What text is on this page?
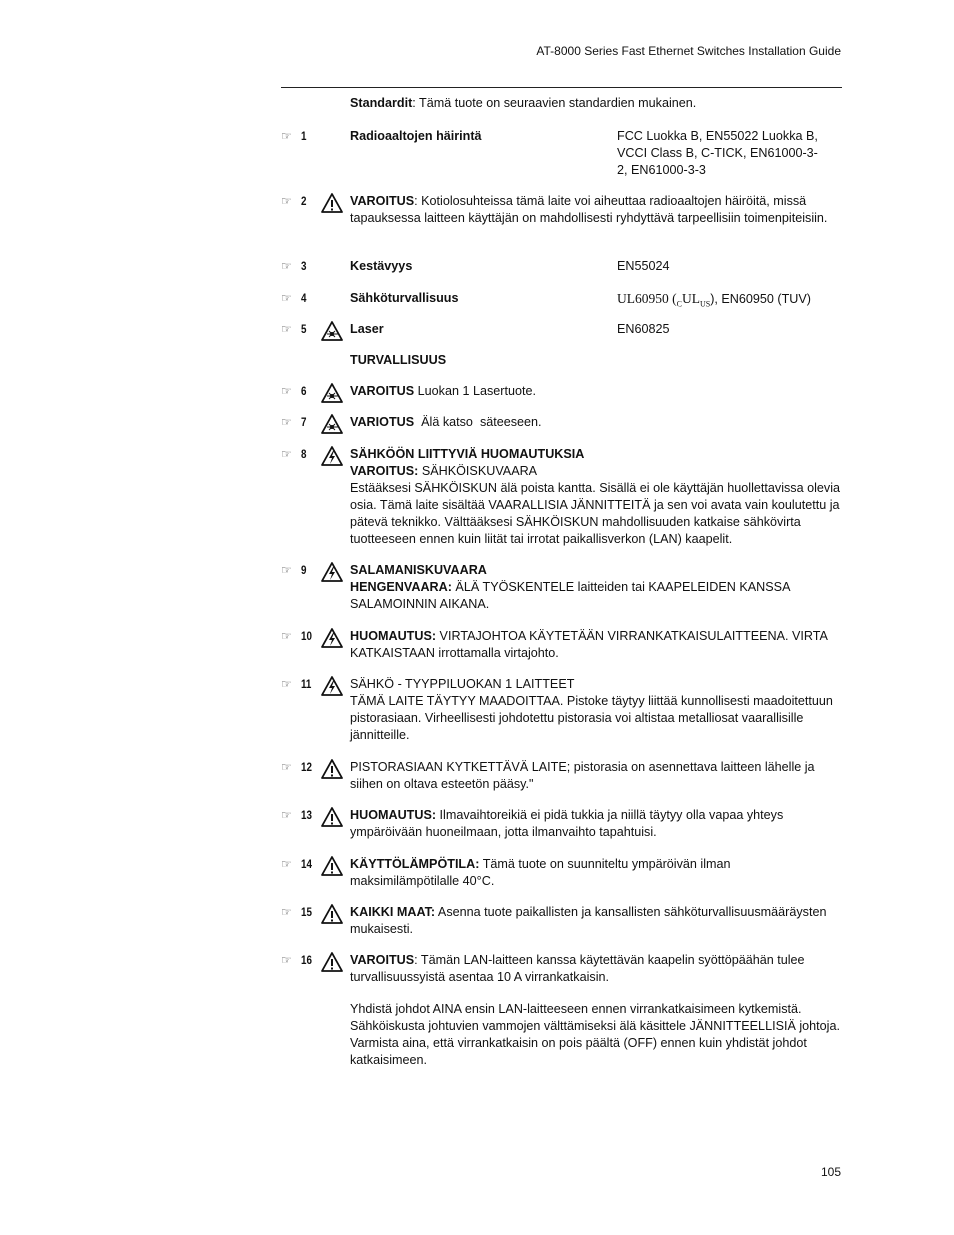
AT-8000 Series Fast Ethernet Switches Installation Guide
Standardit: Tämä tuote on seuraavien standardien mukainen.
☞ 1	Radioaaltojen häirintä	FCC Luokka B, EN55022 Luokka B, VCCI Class B, C-TICK, EN61000-3-2, EN61000-3-3
☞ 2	VAROITUS: Kotiolosuhteissa tämä laite voi aiheuttaa radioaaltojen häiröitä, missä tapauksessa laitteen käyttäjän on mahdollisesti ryhdyttävä tarpeellisiin toimenpiteisiin.
☞ 3	Kestävyys	EN55024
☞ 4	Sähköturvallisuus	UL60950 $(_CUL_{US})$, EN60950 (TUV)
☞ 5	Laser	EN60825
TURVALLISUUS
☞ 6	VAROITUS Luokan 1 Lasertuote.
☞ 7	VARIOTUS  Älä katso  säteeseen.
☞ 8	SÄHKÖÖN LIITTYVIÄ HUOMAUTUKSIA
VAROITUS: SÄHKÖISKUVAARA
Estääksesi SÄHKÖISKUN älä poista kantta. Sisällä ei ole käyttäjän huollettavissa olevia osia. Tämä laite sisältää VAARALLISIA JÄNNITTEITÄ ja sen voi avata vain koulutettu ja pätevä teknikko. Välttääksesi SÄHKÖISKUN mahdollisuuden katkaise sähkövirta tuotteeseen ennen kuin liität tai irrotat paikallisverkon (LAN) kaapelit.
☞ 9	SALAMANISKUVAARA
HENGENVAARA: ÄLÄ TYÖSKENTELE laitteiden tai KAAPELEIDEN KANSSA SALAMOINNIN AIKANA.
☞ 10	HUOMAUTUS: VIRTAJOHTOA KÄYTETÄÄN VIRRANKATKAISULAITTEENA. VIRTA KATKAISTAAN irrottamalla virtajohto.
☞ 11	SÄHKÖ - TYYPPILUOKAN 1 LAITTEET
TÄMÄ LAITE TÄYTYY MAADOITTAA. Pistoke täytyy liittää kunnollisesti maadoitettuun pistorasiaan. Virheellisesti johdotettu pistorasia voi altistaa metalliosat vaarallisille jännitteille.
☞ 12	PISTORASIAAN KYTKETTÄVÄ LAITE; pistorasia on asennettava laitteen lähelle ja siihen on oltava esteetön pääsy."
☞ 13	HUOMAUTUS: Ilmavaihtoreikiä ei pidä tukkia ja niillä täytyy olla vapaa yhteys ympäröivään huoneilmaan, jotta ilmanvaihto tapahtuisi.
☞ 14	KÄYTTÖLÄMPÖTILA: Tämä tuote on suunniteltu ympäröivän ilman maksimilämpötilalle 40°C.
☞ 15	KAIKKI MAAT: Asenna tuote paikallisten ja kansallisten sähköturvallisuusmääräysten mukaisesti.
☞ 16	VAROITUS: Tämän LAN-laitteen kanssa käytettävän kaapelin syöttöpäähän tulee turvallisuussyistä asentaa 10 A virrankatkaisin.
Yhdistä johdot AINA ensin LAN-laitteeseen ennen virrankatkaisimeen kytkemistä. Sähköiskusta johtuvien vammojen välttämiseksi älä käsittele JÄNNITTEELLISIÄ johtoja. Varmista aina, että virrankatkaisin on pois päältä (OFF) ennen kuin yhdistät johdot katkaisimeen.
105
